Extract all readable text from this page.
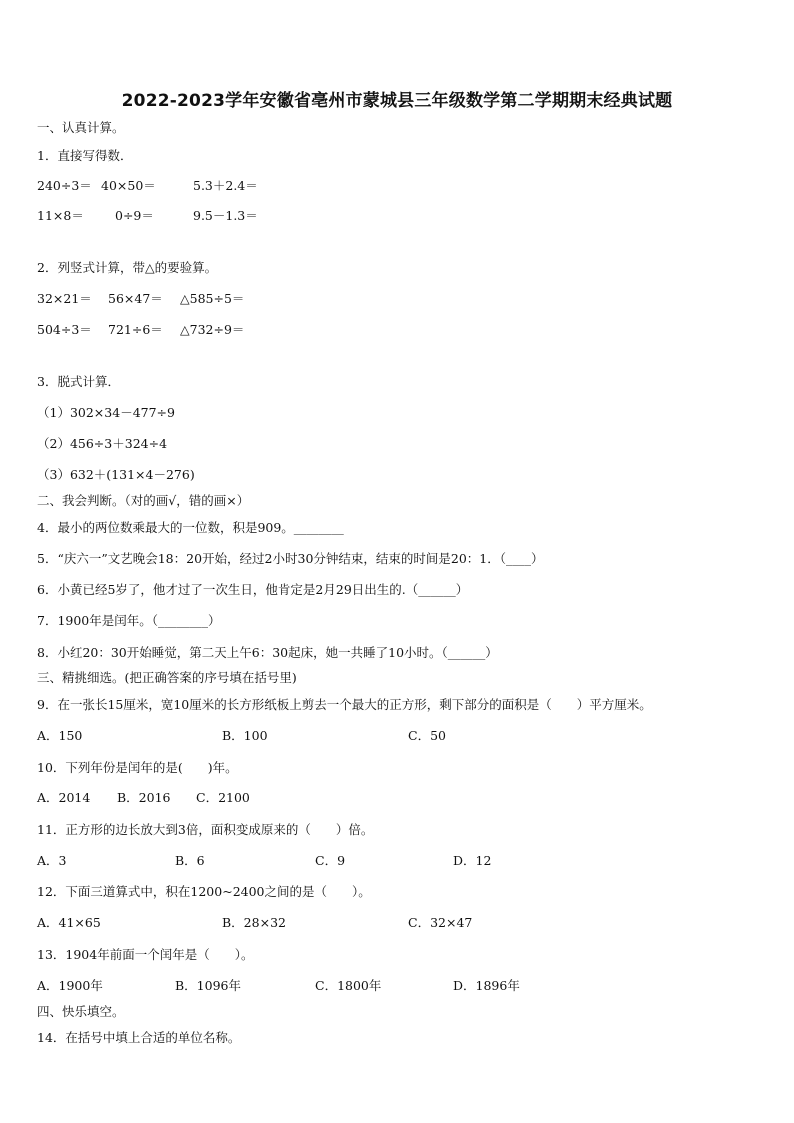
2022-2023学年安徽省亳州市蒙城县三年级数学第二学期期末经典试题
一、认真计算。
1．直接写得数．
240÷3＝ 40×50＝	5.3＋2.4＝
11×8＝ 0÷9＝	9.5－1.3＝
2．列竖式计算，带△的要验算。
32×21＝ 56×47＝ △585÷5＝
504÷3＝ 721÷6＝ △732÷9＝
3．脱式计算．
（1）302×34－477÷9
（2）456÷3＋324÷4
（3）632＋(131×4－276)
二、我会判断。（对的画√，错的画×）
4．最小的两位数乘最大的一位数，积是909。________
5．“庆六一”文艺晚会18：20开始，经过2小时30分钟结束，结束的时间是20：1．（____）
6．小黄已经5岁了，他才过了一次生日，他肯定是2月29日出生的.（______）
7．1900年是闰年。（________）
8．小红20：30开始睡觉，第二天上午6：30起床，她一共睡了10小时。（______）
三、精挑细选。(把正确答案的序号填在括号里)
9．在一张长15厘米，宽10厘米的长方形纸板上剪去一个最大的正方形，剩下部分的面积是（　　）平方厘米。
A．150	B．100	C．50
10．下列年份是闰年的是(　　)年。
A．2014 B．2016 C．2100
11．正方形的边长放大到3倍，面积变成原来的（　　）倍。
A．3	B．6	C．9	D．12
12．下面三道算式中，积在1200~2400之间的是（　　）。
A．41×65	B．28×32	C．32×47
13．1904年前面一个闰年是（　　）。
A．1900年	B．1096年	C．1800年	D．1896年
四、快乐填空。
14．在括号中填上合适的单位名称。
